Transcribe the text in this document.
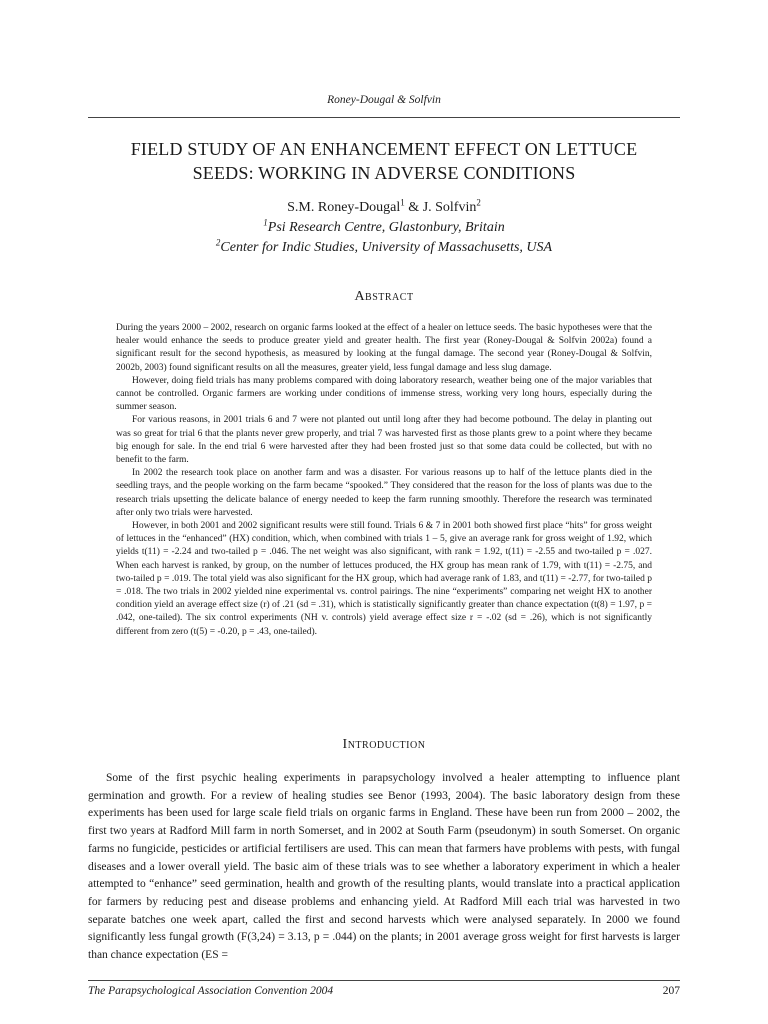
Roney-Dougal & Solfvin
FIELD STUDY OF AN ENHANCEMENT EFFECT ON LETTUCE
SEEDS: WORKING IN ADVERSE CONDITIONS
S.M. Roney-Dougal$^1$ & J. Solfvin$^2$
$^1$Psi Research Centre, Glastonbury, Britain
$^2$Center for Indic Studies, University of Massachusetts, USA
Abstract

During the years 2000 – 2002, research on organic farms looked at the effect of a healer on lettuce seeds. The basic hypotheses were that the healer would enhance the seeds to produce greater yield and greater health. The first year (Roney-Dougal & Solfvin 2002a) found a significant result for the second hypothesis, as measured by looking at the fungal damage. The second year (Roney-Dougal & Solfvin, 2002b, 2003) found significant results on all the measures, greater yield, less fungal damage and less slug damage.

However, doing field trials has many problems compared with doing laboratory research, weather being one of the major variables that cannot be controlled. Organic farmers are working under conditions of immense stress, working very long hours, especially during the summer season.

For various reasons, in 2001 trials 6 and 7 were not planted out until long after they had become potbound. The delay in planting out was so great for trial 6 that the plants never grew properly, and trial 7 was harvested first as those plants grew to a point where they became big enough for sale. In the end trial 6 were harvested after they had been frosted just so that some data could be collected, but with no benefit to the farm.

In 2002 the research took place on another farm and was a disaster. For various reasons up to half of the lettuce plants died in the seedling trays, and the people working on the farm became “spooked.” They considered that the reason for the loss of plants was due to the research trials upsetting the delicate balance of energy needed to keep the farm running smoothly. Therefore the research was terminated after only two trials were harvested.

However, in both 2001 and 2002 significant results were still found. Trials 6 & 7 in 2001 both showed first place “hits” for gross weight of lettuces in the “enhanced” (HX) condition, which, when combined with trials 1 – 5, give an average rank for gross weight of 1.92, which yields t(11) = -2.24 and two-tailed p = .046. The net weight was also significant, with rank = 1.92, t(11) = -2.55 and two-tailed p = .027. When each harvest is ranked, by group, on the number of lettuces produced, the HX group has mean rank of 1.79, with t(11) = -2.75, and two-tailed p = .019. The total yield was also significant for the HX group, which had average rank of 1.83, and t(11) = -2.77, for two-tailed p = .018. The two trials in 2002 yielded nine experimental vs. control pairings. The nine “experiments” comparing net weight HX to another condition yield an average effect size (r) of .21 (sd = .31), which is statistically significantly greater than chance expectation (t(8) = 1.97, p = .042, one-tailed). The six control experiments (NH v. controls) yield average effect size r = -.02 (sd = .26), which is not significantly different from zero (t(5) = -0.20, p = .43, one-tailed).

Introduction

Some of the first psychic healing experiments in parapsychology involved a healer attempting to influence plant germination and growth. For a review of healing studies see Benor (1993, 2004). The basic laboratory design from these experiments has been used for large scale field trials on organic farms in England. These have been run from 2000 – 2002, the first two years at Radford Mill farm in north Somerset, and in 2002 at South Farm (pseudonym) in south Somerset. On organic farms no fungicide, pesticides or artificial fertilisers are used. This can mean that farmers have problems with pests, with fungal diseases and a lower overall yield. The basic aim of these trials was to see whether a laboratory experiment in which a healer attempted to “enhance” seed germination, health and growth of the resulting plants, would translate into a practical application for farmers by reducing pest and disease problems and enhancing yield. At Radford Mill each trial was harvested in two separate batches one week apart, called the first and second harvests which were analysed separately. In 2000 we found significantly less fungal growth (F(3,24) = 3.13, p = .044) on the plants; in 2001 average gross weight for first harvests is larger than chance expectation (ES =

The Parapsychological Association Convention 2004	207
